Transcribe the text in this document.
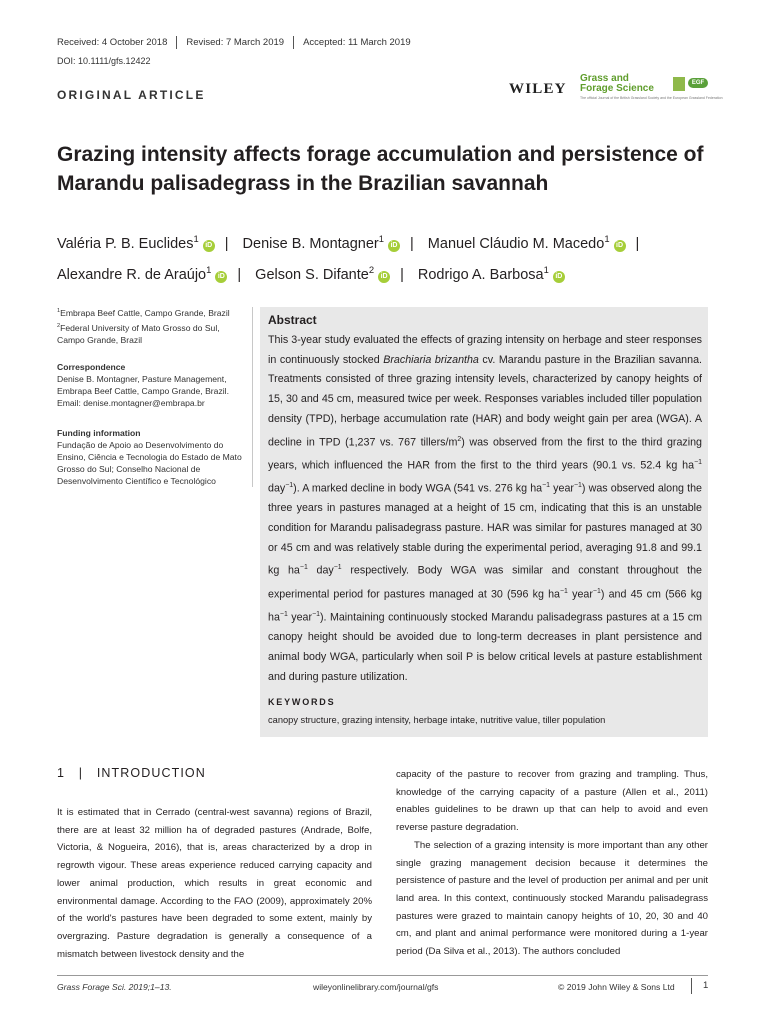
Received: 4 October 2018	Revised: 7 March 2019	Accepted: 11 March 2019
DOI: 10.1111/gfs.12422
ORIGINAL ARTICLE	WILEY
Grass and
Forage Science
The official Journal of the British Grassland Society and the European Grassland Federation
EGF
Grazing intensity affects forage accumulation and persistence of Marandu palisadegrass in the Brazilian savannah
Valéria P. B. Euclides$^1$iD | Denise B. Montagner$^1$iD | Manuel Cláudio M. Macedo$^1$iD |
Alexandre R. de Araújo$^1$iD | Gelson S. Difante$^2$iD | Rodrigo A. Barbosa$^1$iD
$^1$Embrapa Beef Cattle, Campo Grande, Brazil
$^2$Federal University of Mato Grosso do Sul, Campo Grande, Brazil
Correspondence
Denise B. Montagner, Pasture Management, Embrapa Beef Cattle, Campo Grande, Brazil.
Email: denise.montagner@embrapa.br
Funding information
Fundação de Apoio ao Desenvolvimento do Ensino, Ciência e Tecnologia do Estado de Mato Grosso do Sul; Conselho Nacional de Desenvolvimento Científico e Tecnológico
Abstract
This 3-year study evaluated the effects of grazing intensity on herbage and steer responses in continuously stocked Brachiaria brizantha cv. Marandu pasture in the Brazilian savanna. Treatments consisted of three grazing intensity levels, characterized by canopy heights of 15, 30 and 45 cm, measured twice per week. Responses variables included tiller population density (TPD), herbage accumulation rate (HAR) and body weight gain per area (WGA). A decline in TPD (1,237 vs. 767 tillers/$m^2$) was observed from the first to the third grazing years, which influenced the HAR from the first to the third years (90.1 vs. 52.4 kg $ha^{-1}$ day$^{-1}$). A marked decline in body WGA (541 vs. 276 kg $ha^{-1}$ year$^{-1}$) was observed along the three years in pastures managed at a height of 15 cm, indicating that this is an unstable condition for Marandu palisadegrass pasture. HAR was similar for pastures managed at 30 or 45 cm and was relatively stable during the experimental period, averaging 91.8 and 99.1 kg $ha^{-1}$ day$^{-1}$ respectively. Body WGA was similar and constant throughout the experimental period for pastures managed at 30 (596 kg $ha^{-1}$ year$^{-1}$) and 45 cm (566 kg $ha^{-1}$ year$^{-1}$). Maintaining continuously stocked Marandu palisadegrass pastures at a 15 cm canopy height should be avoided due to long-term decreases in plant persistence and animal body WGA, particularly when soil P is below critical levels at pasture establishment and during pasture utilization.
KEYWORDS
canopy structure, grazing intensity, herbage intake, nutritive value, tiller population
1   |   INTRODUCTION

It is estimated that in Cerrado (central-west savanna) regions of Brazil, there are at least 32 million ha of degraded pastures (Andrade, Bolfe, Victoria, & Nogueira, 2016), that is, areas characterized by a drop in regrowth vigour. These areas experience reduced carrying capacity and lower animal production, which results in great economic and environmental damage. According to the FAO (2009), approximately 20% of the world's pastures have been degraded to some extent, mainly by overgrazing. Pasture degradation is generally a consequence of a mismatch between livestock density and the

capacity of the pasture to recover from grazing and trampling. Thus, knowledge of the carrying capacity of a pasture (Allen et al., 2011) enables guidelines to be drawn up that can help to avoid and even reverse pasture degradation.

The selection of a grazing intensity is more important than any other single grazing management decision because it determines the persistence of pasture and the level of production per animal and per unit land area. In this context, continuously stocked Marandu palisadegrass pastures were grazed to maintain canopy heights of 10, 20, 30 and 40 cm, and plant and animal performance were monitored during a 1-year period (Da Silva et al., 2013). The authors concluded

Grass Forage Sci. 2019;1–13.	wileyonlinelibrary.com/journal/gfs	© 2019 John Wiley & Sons Ltd	1
